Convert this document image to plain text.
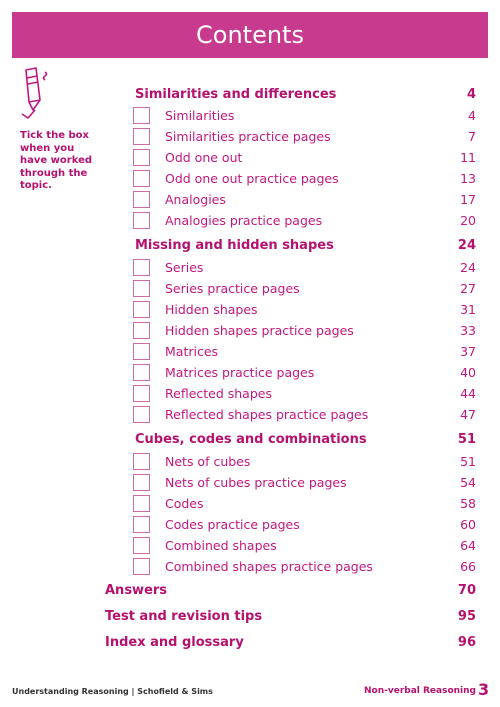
Contents
Tick the box when you have worked through the topic.
Similarities and differences	4
Similarities	4
Similarities practice pages	7
Odd one out	11
Odd one out practice pages	13
Analogies	17
Analogies practice pages	20
Missing and hidden shapes	24
Series	24
Series practice pages	27
Hidden shapes	31
Hidden shapes practice pages	33
Matrices	37
Matrices practice pages	40
Reflected shapes	44
Reflected shapes practice pages	47
Cubes, codes and combinations	51
Nets of cubes	51
Nets of cubes practice pages	54
Codes	58
Codes practice pages	60
Combined shapes	64
Combined shapes practice pages	66
Answers	70
Test and revision tips	95
Index and glossary	96
Understanding Reasoning | Schofield & Sims	Non-verbal Reasoning 3
